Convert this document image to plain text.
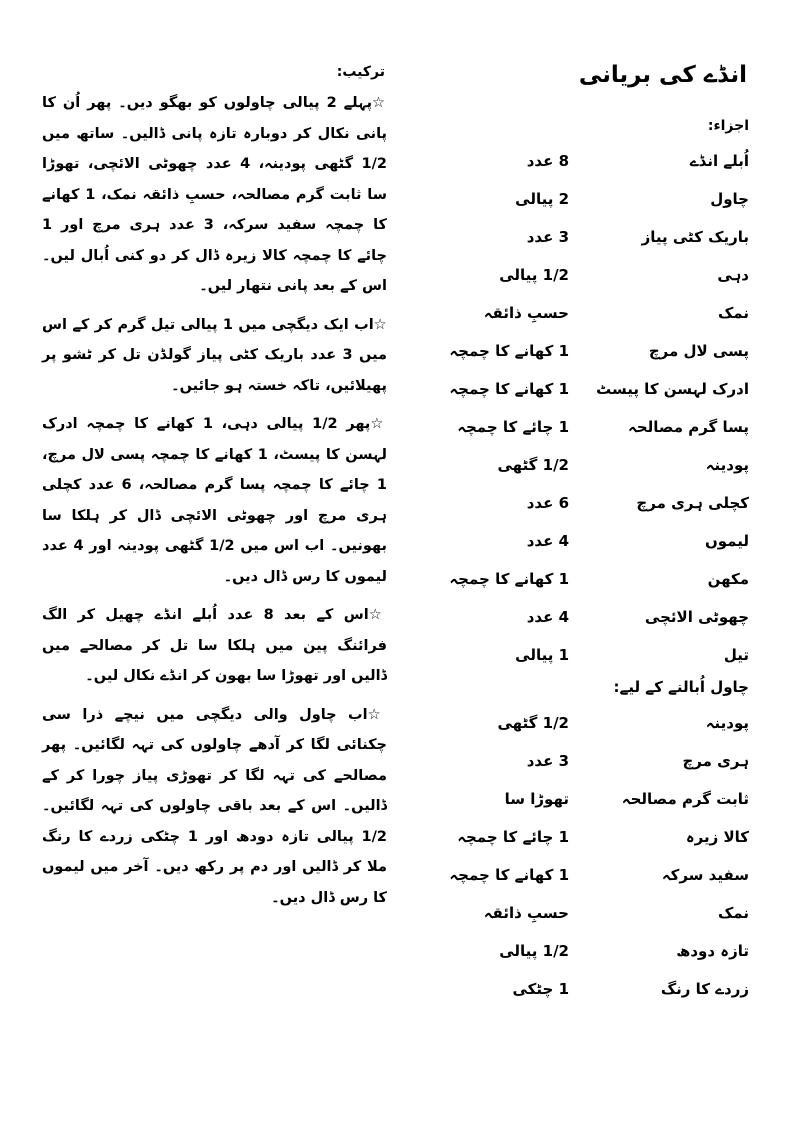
انڈے کی بریانی
اجزاء:
اُبلے انڈے
8 عدد
چاول
2 پیالی
باریک کٹی پیاز
3 عدد
دہی
1/2 پیالی
نمک
حسبِ ذائقہ
پسی لال مرچ
1 کھانے کا چمچہ
ادرک لہسن کا پیسٹ
1 کھانے کا چمچہ
پسا گرم مصالحہ
1 چائے کا چمچہ
پودینہ
1/2 گٹھی
کچلی ہری مرچ
6 عدد
لیموں
4 عدد
مکھن
1 کھانے کا چمچہ
چھوٹی الائچی
4 عدد
تیل
1 پیالی
چاول اُبالنے کے لیے:
پودینہ
1/2 گٹھی
ہری مرچ
3 عدد
ثابت گرم مصالحہ
تھوڑا سا
کالا زیرہ
1 چائے کا چمچہ
سفید سرکہ
1 کھانے کا چمچہ
نمک
حسبِ ذائقہ
تازہ دودھ
1/2 پیالی
زردے کا رنگ
1 چٹکی
ترکیب:

☆پہلے 2 پیالی چاولوں کو بھگو دیں۔ پھر اُن کا پانی نکال کر دوبارہ تازہ پانی ڈالیں۔ ساتھ میں 1/2 گٹھی پودینہ، 4 عدد چھوٹی الائچی، تھوڑا سا ثابت گرم مصالحہ، حسبِ ذائقہ نمک، 1 کھانے کا چمچہ سفید سرکہ، 3 عدد ہری مرچ اور 1 چائے کا چمچہ کالا زیرہ ڈال کر دو کنی اُبال لیں۔ اس کے بعد پانی نتھار لیں۔

☆اب ایک دیگچی میں 1 پیالی تیل گرم کر کے اس میں 3 عدد باریک کٹی پیاز گولڈن تل کر ٹشو پر پھیلائیں، تاکہ خستہ ہو جائیں۔

☆پھر 1/2 پیالی دہی، 1 کھانے کا چمچہ ادرک لہسن کا پیسٹ، 1 کھانے کا چمچہ پسی لال مرچ، 1 چائے کا چمچہ پسا گرم مصالحہ، 6 عدد کچلی ہری مرچ اور چھوٹی الائچی ڈال کر ہلکا سا بھونیں۔ اب اس میں 1/2 گٹھی پودینہ اور 4 عدد لیموں کا رس ڈال دیں۔

☆اس کے بعد 8 عدد اُبلے انڈے چھیل کر الگ فرائنگ پین میں ہلکا سا تل کر مصالحے میں ڈالیں اور تھوڑا سا بھون کر انڈے نکال لیں۔

☆اب چاول والی دیگچی میں نیچے ذرا سی چکنائی لگا کر آدھے چاولوں کی تہہ لگائیں۔ پھر مصالحے کی تہہ لگا کر تھوڑی پیاز چورا کر کے ڈالیں۔ اس کے بعد باقی چاولوں کی تہہ لگائیں۔ 1/2 پیالی تازہ دودھ اور 1 چٹکی زردے کا رنگ ملا کر ڈالیں اور دم پر رکھ دیں۔ آخر میں لیموں کا رس ڈال دیں۔
